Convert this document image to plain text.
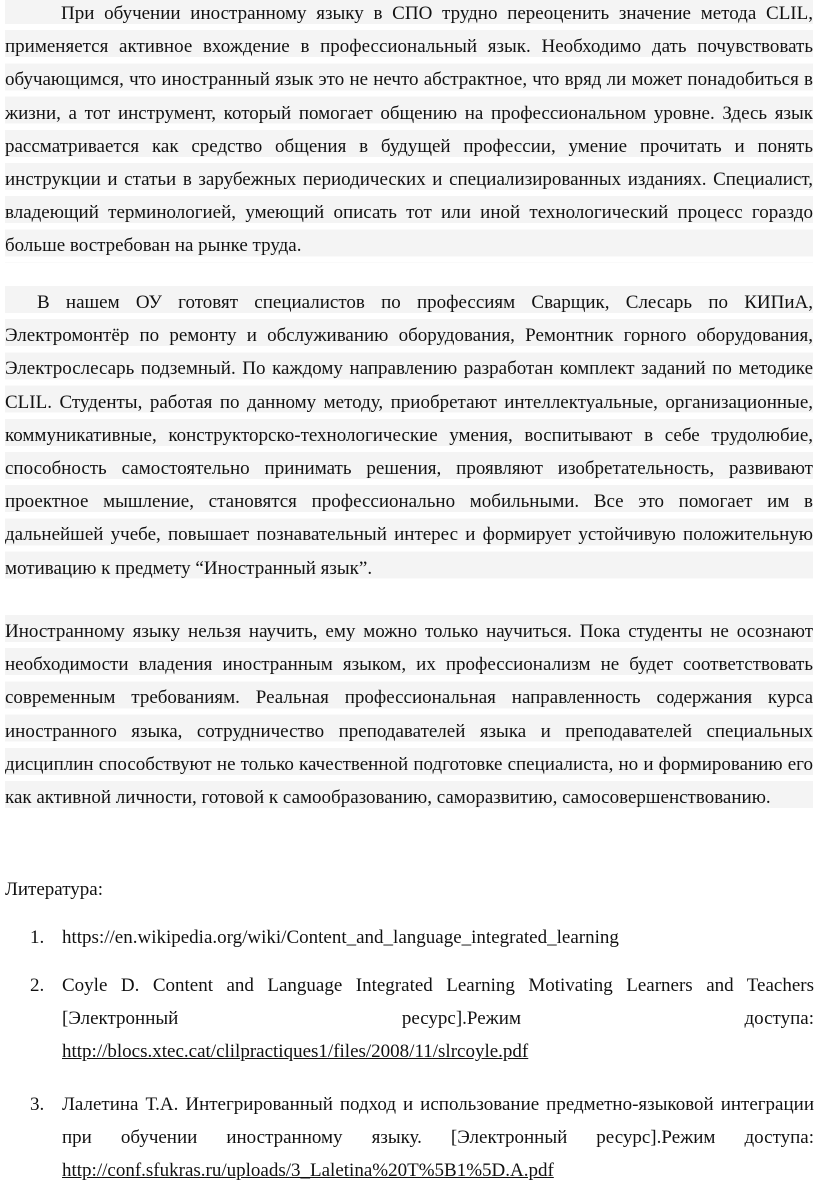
При обучении иностранному языку в СПО трудно переоценить значение метода CLIL, применяется активное вхождение в профессиональный язык. Необходимо дать почувствовать обучающимся, что иностранный язык это не нечто абстрактное, что вряд ли может понадобиться в жизни, а тот инструмент, который помогает общению на профессиональном уровне. Здесь язык рассматривается как средство общения в будущей профессии, умение прочитать и понять инструкции и статьи в зарубежных периодических и специализированных изданиях. Специалист, владеющий терминологией, умеющий описать тот или иной технологический процесс гораздо больше востребован на рынке труда.

В нашем ОУ готовят специалистов по профессиям Сварщик, Слесарь по КИПиА, Электромонтёр по ремонту и обслуживанию оборудования, Ремонтник горного оборудования, Электрослесарь подземный. По каждому направлению разработан комплект заданий по методике CLIL. Студенты, работая по данному методу, приобретают интеллектуальные, организационные, коммуникативные, конструкторско-технологические умения, воспитывают в себе трудолюбие, способность самостоятельно принимать решения, проявляют изобретательность, развивают проектное мышление, становятся профессионально мобильными. Все это помогает им в дальнейшей учебе, повышает познавательный интерес и формирует устойчивую положительную мотивацию к предмету “Иностранный язык”.

Иностранному языку нельзя научить, ему можно только научиться. Пока студенты не осознают необходимости владения иностранным языком, их профессионализм не будет соответствовать современным требованиям. Реальная профессиональная направленность содержания курса иностранного языка, сотрудничество преподавателей языка и преподавателей специальных дисциплин способствуют не только качественной подготовке специалиста, но и формированию его как активной личности, готовой к самообразованию, саморазвитию, самосовершенствованию.

Литература:
1. https://en.wikipedia.org/wiki/Content_and_language_integrated_learning
2. Coyle D. Content and Language Integrated Learning Motivating Learners and Teachers [Электронный ресурс].Режим доступа: http://blocs.xtec.cat/clilpractiques1/files/2008/11/slrcoyle.pdf
3. Лалетина Т.А. Интегрированный подход и использование предметно-языковой интеграции при обучении иностранному языку. [Электронный ресурс].Режим доступа: http://conf.sfukras.ru/uploads/3_Laletina%20T%5B1%5D.A.pdf
